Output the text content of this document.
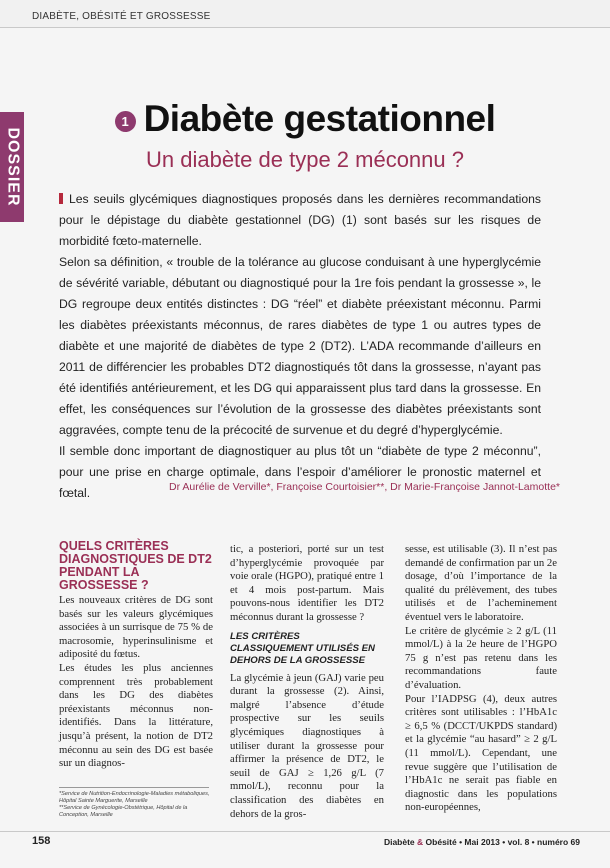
DIABÈTE, OBÉSITÉ ET GROSSESSE
DOSSIER
1 Diabète gestationnel
Un diabète de type 2 méconnu ?

Les seuils glycémiques diagnostiques proposés dans les dernières recommandations pour le dépistage du diabète gestationnel (DG) (1) sont basés sur les risques de morbidité fœto-maternelle.

Selon sa définition, « trouble de la tolérance au glucose conduisant à une hyperglycémie de sévérité variable, débutant ou diagnostiqué pour la 1re fois pendant la grossesse », le DG regroupe deux entités distinctes : DG “réel” et diabète préexistant méconnu. Parmi les diabètes préexistants méconnus, de rares diabètes de type 1 ou autres types de diabète et une majorité de diabètes de type 2 (DT2). L’ADA recommande d’ailleurs en 2011 de différencier les probables DT2 diagnostiqués tôt dans la grossesse, n’ayant pas été identifiés antérieurement, et les DG qui apparaissent plus tard dans la grossesse. En effet, les conséquences sur l’évolution de la grossesse des diabètes préexistants sont aggravées, compte tenu de la précocité de survenue et du degré d’hyperglycémie.

Il semble donc important de diagnostiquer au plus tôt un “diabète de type 2 méconnu”, pour une prise en charge optimale, dans l’espoir d’améliorer le pronostic maternel et fœtal.	Dr Aurélie de Verville*, Françoise Courtoisier**, Dr Marie-Françoise Jannot-Lamotte*
QUELS CRITÈRES DIAGNOSTIQUES DE DT2 PENDANT LA GROSSESSE ?

Les nouveaux critères de DG sont basés sur les valeurs glycémiques associées à un surrisque de 75 % de macrosomie, hyperinsulinisme et adiposité du fœtus.

Les études les plus anciennes comprennent très probablement dans les DG des diabètes préexistants méconnus non-identifiés. Dans la littérature, jusqu’à présent, la notion de DT2 méconnu au sein des DG est basée sur un diagnos-

tic, a posteriori, porté sur un test d’hyperglycémie provoquée par voie orale (HGPO), pratiqué entre 1 et 4 mois post-partum. Mais pouvons-nous identifier les DT2 méconnus durant la grossesse ?

LES CRITÈRES CLASSIQUEMENT UTILISÉS EN DEHORS DE LA GROSSESSE

La glycémie à jeun (GAJ) varie peu durant la grossesse (2). Ainsi, malgré l’absence d’étude prospective sur les seuils glycémiques diagnostiques à utiliser durant la grossesse pour affirmer la présence de DT2, le seuil de GAJ ≥ 1,26 g/L (7 mmol/L), reconnu pour la classification des diabètes en dehors de la gros-

sesse, est utilisable (3). Il n’est pas demandé de confirmation par un 2e dosage, d’où l’importance de la qualité du prélèvement, des tubes utilisés et de l’acheminement éventuel vers le laboratoire.

Le critère de glycémie ≥ 2 g/L (11 mmol/L) à la 2e heure de l’HGPO 75 g n’est pas retenu dans les recommandations faute d’évaluation.

Pour l’IADPSG (4), deux autres critères sont utilisables : l’HbA1c ≥ 6,5 % (DCCT/UKPDS standard) et la glycémie “au hasard” ≥ 2 g/L (11 mmol/L). Cependant, une revue suggère que l’utilisation de l’HbA1c ne serait pas fiable en diagnostic dans les populations non-européennes,

*Service de Nutrition-Endocrinologie-Maladies métaboliques, Hôpital Sainte Marguerite, Marseille

**Service de Gynécologie-Obstétrique, Hôpital de la Conception, Marseille

158	Diabète & Obésité • Mai 2013 • vol. 8 • numéro 69
